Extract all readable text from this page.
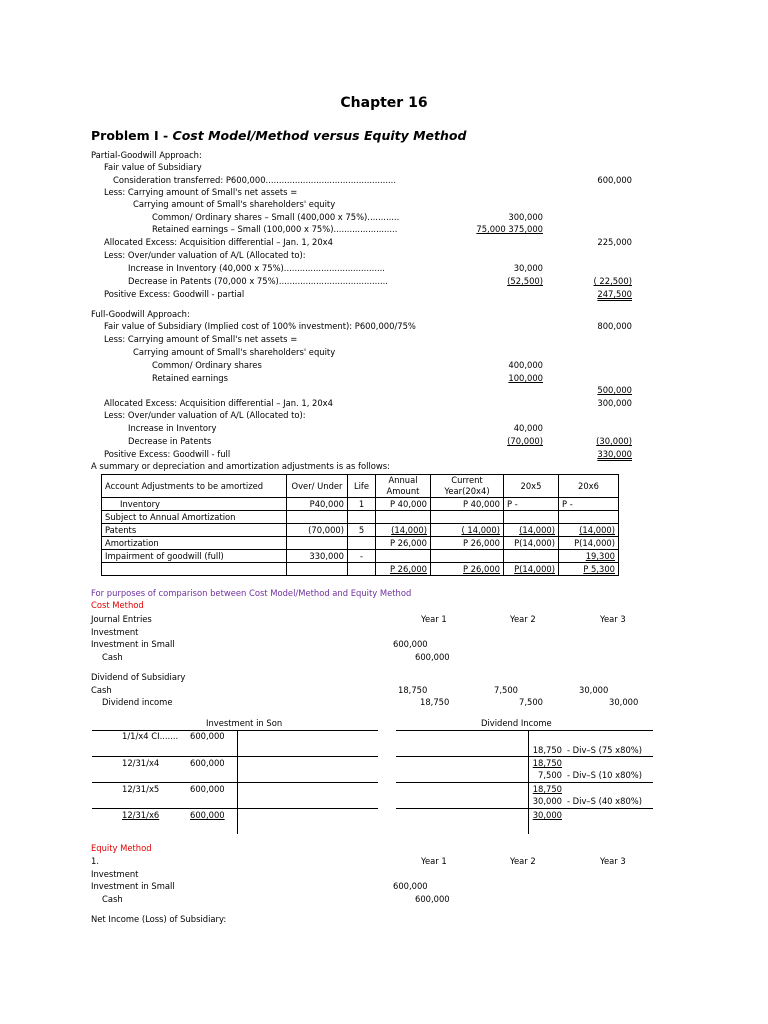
Chapter 16
Problem I - Cost Model/Method versus Equity Method
Partial-Goodwill Approach:
Fair value of Subsidiary
Consideration transferred: P600,000.................................................	600,000
Less: Carrying amount of Small's net assets =
Carrying amount of Small's shareholders' equity
Common/ Ordinary shares – Small (400,000 x 75%)............	300,000
Retained earnings – Small (100,000 x 75%)........................	75,000 375,000
Allocated Excess: Acquisition differential – Jan. 1, 20x4	225,000
Less: Over/under valuation of A/L (Allocated to):
Increase in Inventory (40,000 x 75%)......................................	30,000
Decrease in Patents (70,000 x 75%).........................................	(52,500)	( 22,500)
Positive Excess: Goodwill - partial	247,500
Full-Goodwill Approach:
Fair value of Subsidiary (Implied cost of 100% investment): P600,000/75%	800,000
Less: Carrying amount of Small's net assets =
Carrying amount of Small's shareholders' equity
Common/ Ordinary shares	400,000
Retained earnings	100,000
500,000
Allocated Excess: Acquisition differential – Jan. 1, 20x4	300,000
Less: Over/under valuation of A/L (Allocated to):
Increase in Inventory	40,000
Decrease in Patents	(70,000)	(30,000)
Positive Excess: Goodwill - full	330,000
A summary or depreciation and amortization adjustments is as follows:
Account Adjustments to be amortized	Over/ Under	Life	Annual Amount	Current Year(20x4)	20x5	20x6
Inventory	P40,000	1	P 40,000	P 40,000	P -	P -
Subject to Annual Amortization						
Patents	(70,000)	5	(14,000)	( 14,000)	(14,000)	(14,000)
Amortization			P 26,000	P 26,000	P(14,000)	P(14,000)
Impairment of goodwill (full)	330,000	-				19,300
			P 26,000	P 26,000	P(14,000)	P 5,300
For purposes of comparison between Cost Model/Method and Equity Method
Cost Method
Journal Entries	Year 1	Year 2	Year 3
Investment
Investment in Small	600,000
Cash	600,000
Dividend of Subsidiary
Cash	18,750	7,500	30,000
Dividend income	18,750	7,500	30,000
Investment in Son
1/1/x4 CI....... 600,000
12/31/x4	600,000
12/31/x5	600,000
12/31/x6	600,000
Dividend Income
18,750 - Div–S (75 x80%)
18,750
7,500 - Div–S (10 x80%)
18,750
30,000 - Div–S (40 x80%)
30,000
Equity Method
1.	Year 1	Year 2	Year 3
Investment
Investment in Small	600,000
Cash	600,000
Net Income (Loss) of Subsidiary:
